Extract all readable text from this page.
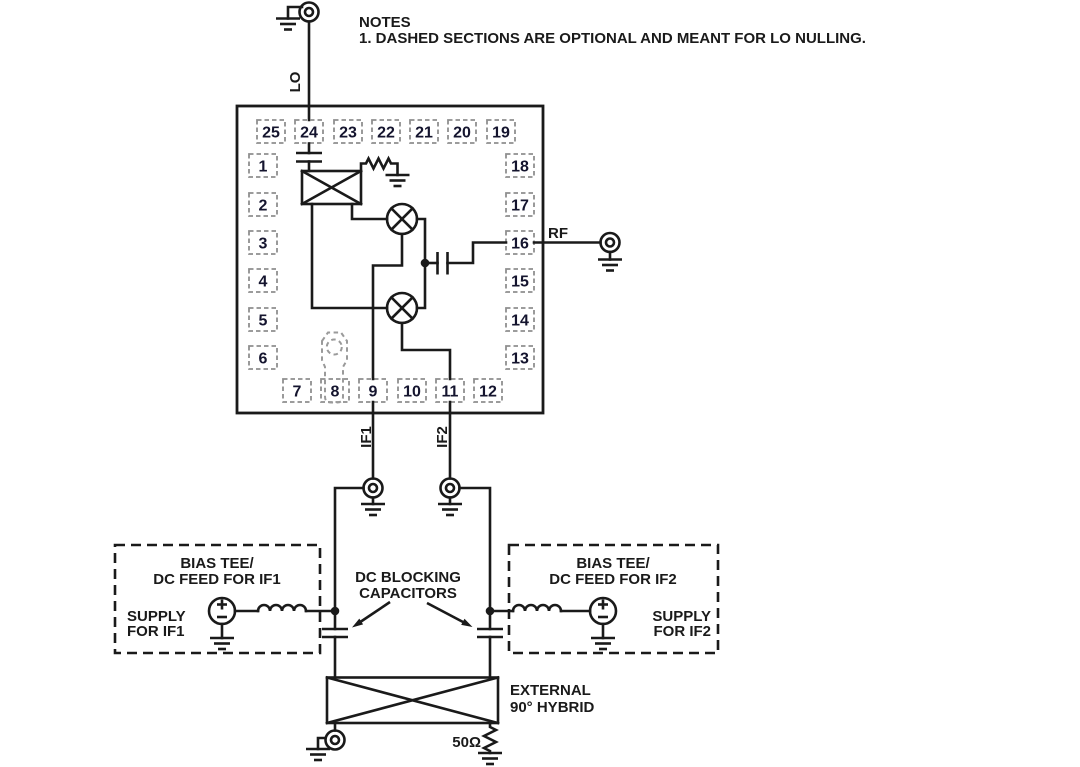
NOTES
1. DASHED SECTIONS ARE OPTIONAL AND MEANT FOR LO NULLING.
LO
25 24 23 22 21 20 19
1
2
3
4
5
6
18
17
16
15
14
13
7 8 9 10 11 12
RF
IF1	IF2
BIAS TEE/
DC FEED FOR IF1
SUPPLY
FOR IF1
BIAS TEE/
DC FEED FOR IF2
SUPPLY
FOR IF2
DC BLOCKING
CAPACITORS
EXTERNAL
90° HYBRID
50Ω
